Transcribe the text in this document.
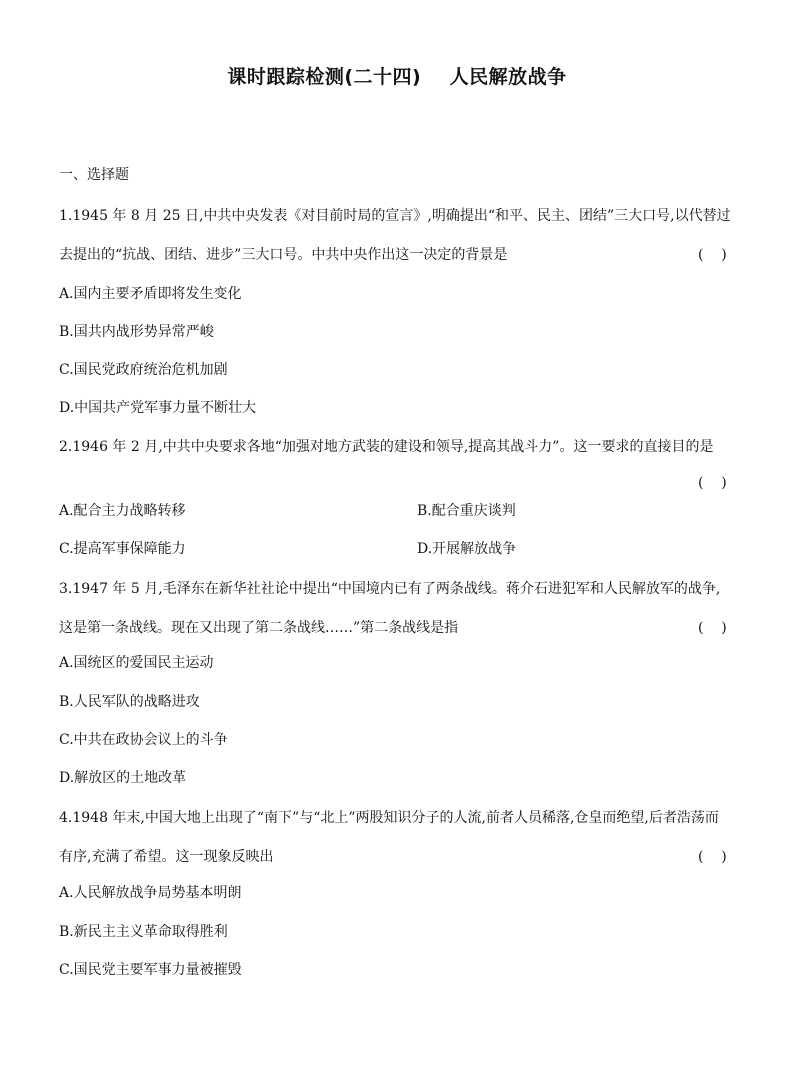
课时跟踪检测(二十四)    人民解放战争
一、选择题
1.1945 年 8 月 25 日,中共中央发表《对目前时局的宣言》,明确提出“和平、民主、团结”三大口号,以代替过
去提出的“抗战、团结、进步”三大口号。中共中央作出这一决定的背景是	(    )
A.国内主要矛盾即将发生变化
B.国共内战形势异常严峻
C.国民党政府统治危机加剧
D.中国共产党军事力量不断壮大
2.1946 年 2 月,中共中央要求各地“加强对地方武装的建设和领导,提高其战斗力”。这一要求的直接目的是
(    )
A.配合主力战略转移	B.配合重庆谈判
C.提高军事保障能力	D.开展解放战争
3.1947 年 5 月,毛泽东在新华社社论中提出“中国境内已有了两条战线。蒋介石进犯军和人民解放军的战争,
这是第一条战线。现在又出现了第二条战线……”第二条战线是指	(    )
A.国统区的爱国民主运动
B.人民军队的战略进攻
C.中共在政协会议上的斗争
D.解放区的土地改革
4.1948 年末,中国大地上出现了“南下”与“北上”两股知识分子的人流,前者人员稀落,仓皇而绝望,后者浩荡而
有序,充满了希望。这一现象反映出	(    )
A.人民解放战争局势基本明朗
B.新民主主义革命取得胜利
C.国民党主要军事力量被摧毁
